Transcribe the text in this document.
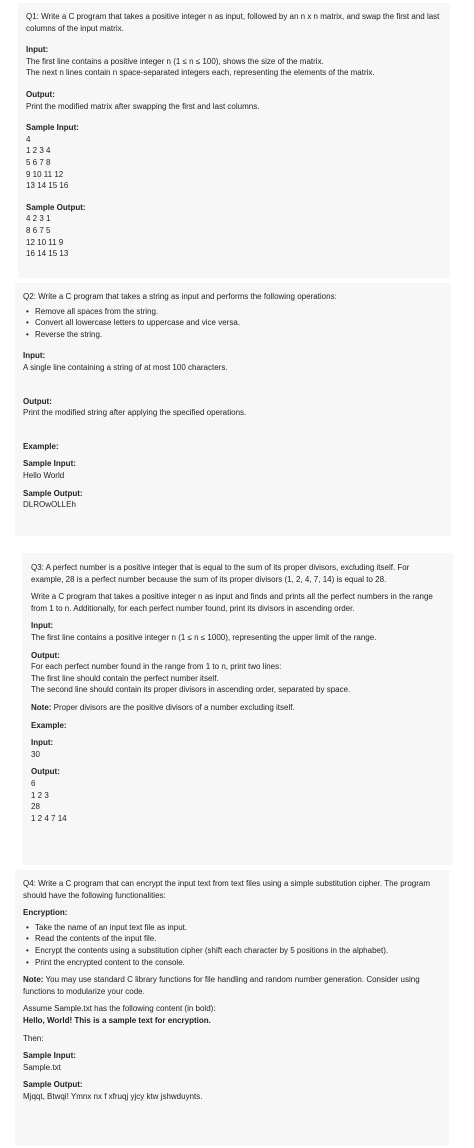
Q1: Write a C program that takes a positive integer n as input, followed by an n x n matrix, and swap the first and last columns of the input matrix.

Input:

The first line contains a positive integer n (1 ≤ n ≤ 100), shows the size of the matrix.

The next n lines contain n space-separated integers each, representing the elements of the matrix.

Output:

Print the modified matrix after swapping the first and last columns.

Sample Input:

4

1 2 3 4

5 6 7 8

9 10 11 12

13 14 15 16

Sample Output:

4 2 3 1

8 6 7 5

12 10 11 9

16 14 15 13

Q2: Write a C program that takes a string as input and performs the following operations:

• Remove all spaces from the string.
• Convert all lowercase letters to uppercase and vice versa.
• Reverse the string.

Input:

A single line containing a string of at most 100 characters.

Output:

Print the modified string after applying the specified operations.

Example:

Sample Input:

Hello World

Sample Output:

DLROwOLLEh

Q3: A perfect number is a positive integer that is equal to the sum of its proper divisors, excluding itself. For example, 28 is a perfect number because the sum of its proper divisors (1, 2, 4, 7, 14) is equal to 28.

Write a C program that takes a positive integer n as input and finds and prints all the perfect numbers in the range from 1 to n. Additionally, for each perfect number found, print its divisors in ascending order.

Input:

The first line contains a positive integer n (1 ≤ n ≤ 1000), representing the upper limit of the range.

Output:

For each perfect number found in the range from 1 to n, print two lines:

The first line should contain the perfect number itself.

The second line should contain its proper divisors in ascending order, separated by space.

Note: Proper divisors are the positive divisors of a number excluding itself.

Example:

Input:

30

Output:

6

1 2 3

28

1 2 4 7 14

Q4: Write a C program that can encrypt the input text from text files using a simple substitution cipher. The program should have the following functionalities:

Encryption:

• Take the name of an input text file as input.
• Read the contents of the input file.
• Encrypt the contents using a substitution cipher (shift each character by 5 positions in the alphabet).
• Print the encrypted content to the console.

Note: You may use standard C library functions for file handling and random number generation. Consider using functions to modularize your code.

Assume Sample.txt has the following content (in bold):

Hello, World! This is a sample text for encryption.

Then:

Sample Input:

Sample.txt

Sample Output:

Mjqqt, Btwqi! Ymnx nx f xfruqj yjcy ktw jshwduynts.
